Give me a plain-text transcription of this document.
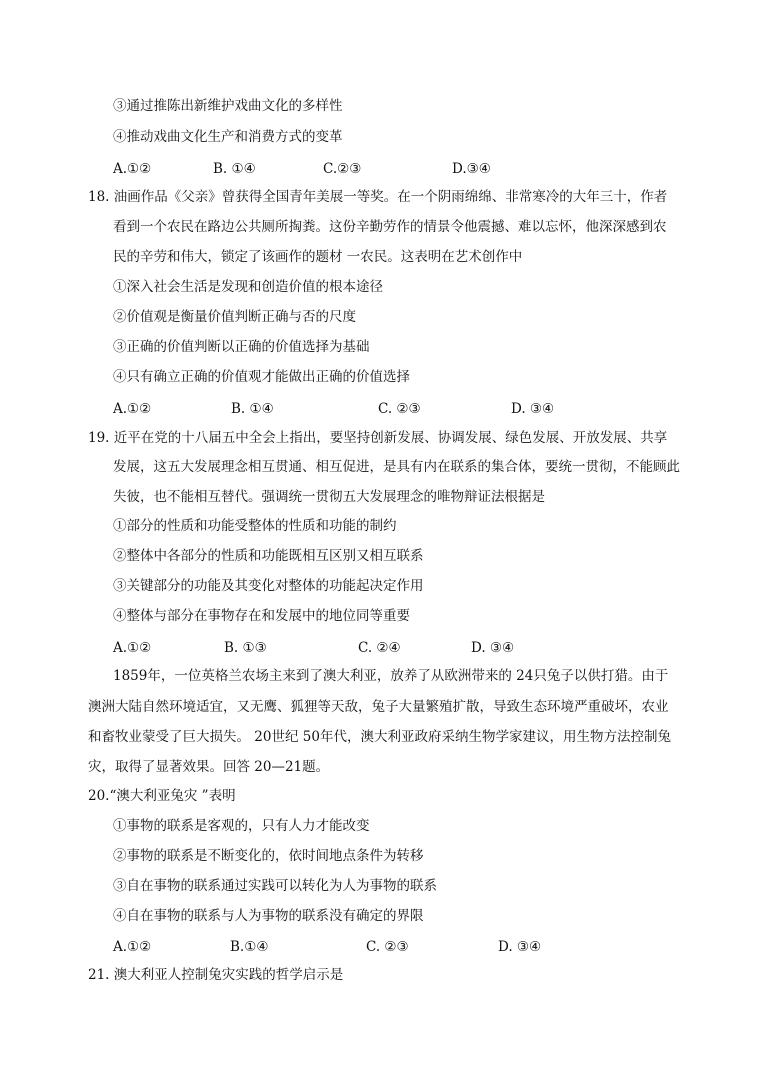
③通过推陈出新维护戏曲文化的多样性
④推动戏曲文化生产和消费方式的变革
A.①②	B. ①④	C.②③	D.③④
18. 油画作品《父亲》曾获得全国青年美展一等奖。在一个阴雨绵绵、非常寒冷的大年三十，作者
看到一个农民在路边公共厕所掏粪。这份辛勤劳作的情景令他震撼、难以忘怀，他深深感到农
民的辛劳和伟大，锁定了该画作的题材 一农民。这表明在艺术创作中
①深入社会生活是发现和创造价值的根本途径
②价值观是衡量价值判断正确与否的尺度
③正确的价值判断以正确的价值选择为基础
④只有确立正确的价值观才能做出正确的价值选择
A.①②	B. ①④	C. ②③	D. ③④
19. 近平在党的十八届五中全会上指出，要坚持创新发展、协调发展、绿色发展、开放发展、共享
发展，这五大发展理念相互贯通、相互促进，是具有内在联系的集合体，要统一贯彻，不能顾此
失彼，也不能相互替代。强调统一贯彻五大发展理念的唯物辩证法根据是
①部分的性质和功能受整体的性质和功能的制约
②整体中各部分的性质和功能既相互区别又相互联系
③关键部分的功能及其变化对整体的功能起决定作用
④整体与部分在事物存在和发展中的地位同等重要
A.①②	B. ①③	C. ②④	D. ③④
1859年，一位英格兰农场主来到了澳大利亚，放养了从欧洲带来的 24只兔子以供打猎。由于
澳洲大陆自然环境适宜，又无鹰、狐狸等天敌，兔子大量繁殖扩散，导致生态环境严重破坏，农业
和畜牧业蒙受了巨大损失。 20世纪 50年代，澳大利亚政府采纳生物学家建议，用生物方法控制兔
灾，取得了显著效果。回答 20—21题。
20.“澳大利亚兔灾 ”表明
①事物的联系是客观的，只有人力才能改变
②事物的联系是不断变化的，依时间地点条件为转移
③自在事物的联系通过实践可以转化为人为事物的联系
④自在事物的联系与人为事物的联系没有确定的界限
A.①②	B.①④	C. ②③	D. ③④
21. 澳大利亚人控制兔灾实践的哲学启示是
